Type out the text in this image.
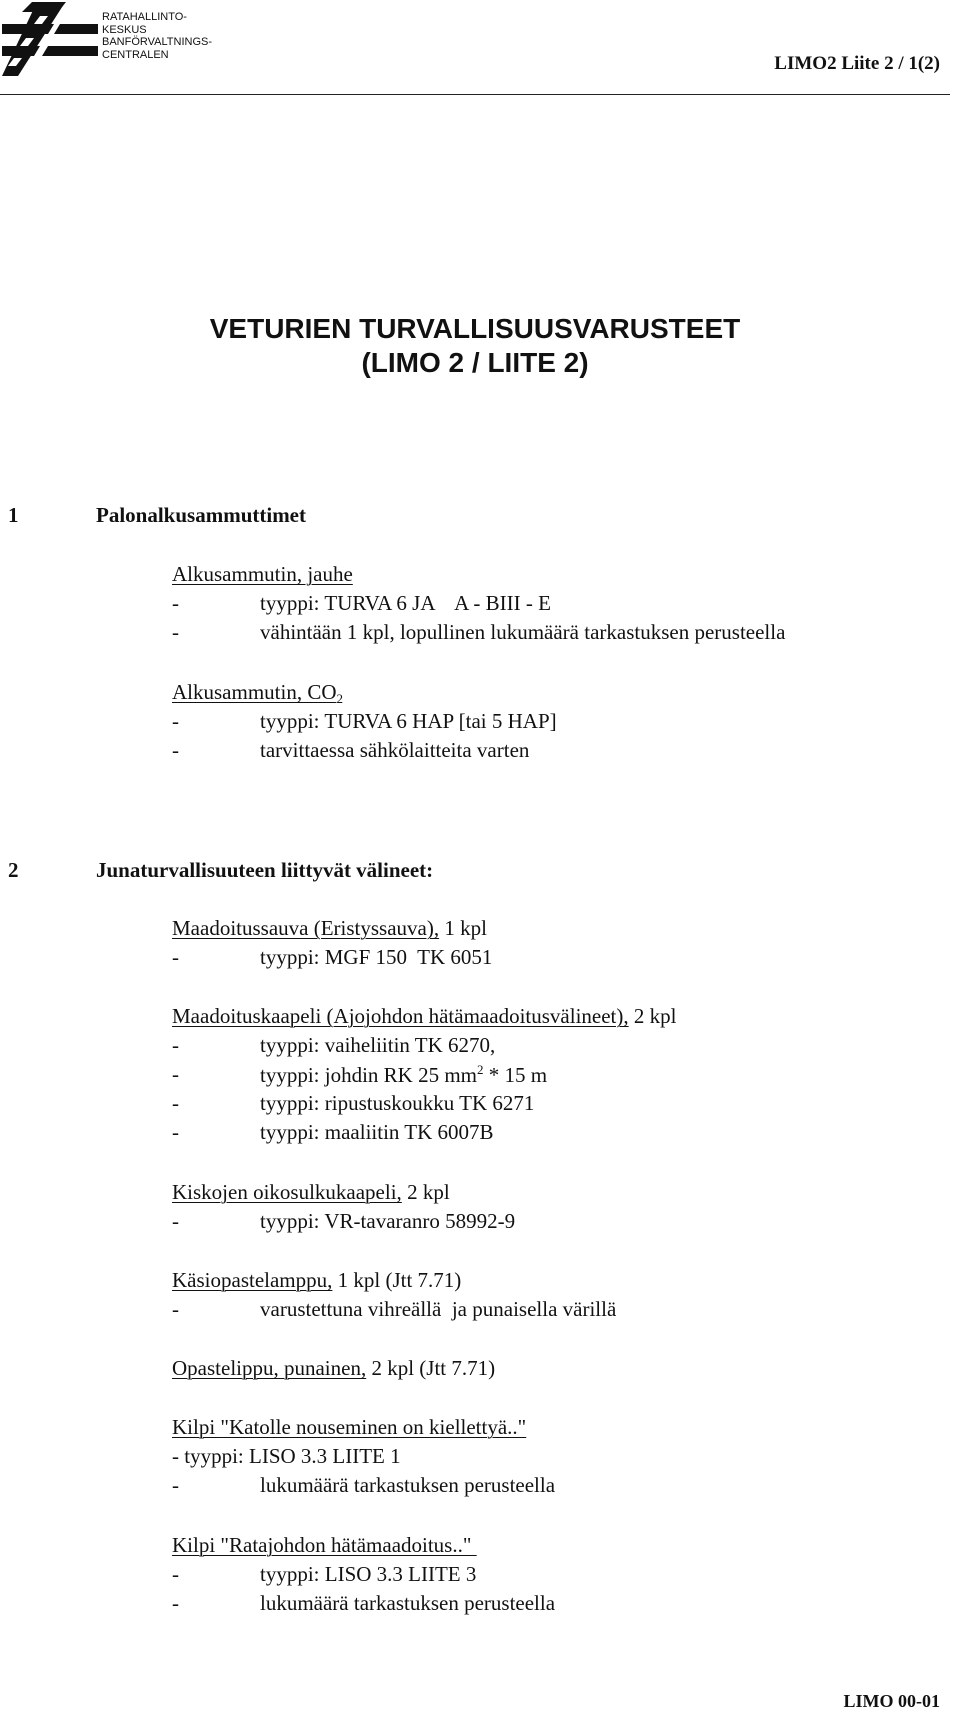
RATAHALLINTO-
KESKUS
BANFÖRVALTNINGS-
CENTRALEN	LIMO2 Liite 2 / 1(2)
VETURIEN TURVALLISUUSVARUSTEET
(LIMO 2 / LIITE 2)
1	Palonalkusammuttimet
Alkusammutin, jauhe
-	tyyppi: TURVA 6 JA    A - BIII - E
-	vähintään 1 kpl, lopullinen lukumäärä tarkastuksen perusteella
Alkusammutin, $CO_2$
-	tyyppi: TURVA 6 HAP [tai 5 HAP]
-	tarvittaessa sähkölaitteita varten
2	Junaturvallisuuteen liittyvät välineet:
Maadoitussauva (Eristyssauva), 1 kpl
-	tyyppi: MGF 150  TK 6051
Maadoituskaapeli (Ajojohdon hätämaadoitusvälineet), 2 kpl
-	tyyppi: vaiheliitin TK 6270,
-	tyyppi: johdin RK 25 $mm^2 * 15$ m
-	tyyppi: ripustuskoukku TK 6271
-	tyyppi: maaliitin TK 6007B
Kiskojen oikosulkukaapeli, 2 kpl
-	tyyppi: VR-tavaranro 58992-9
Käsiopastelamppu, 1 kpl (Jtt 7.71)
-	varustettuna vihreällä  ja punaisella värillä
Opastelippu, punainen, 2 kpl (Jtt 7.71)
Kilpi "Katolle nouseminen on kiellettyä.."
- tyyppi: LISO 3.3 LIITE 1
-	lukumäärä tarkastuksen perusteella
Kilpi "Ratajohdon hätämaadoitus.."
-	tyyppi: LISO 3.3 LIITE 3
-	lukumäärä tarkastuksen perusteella
LIMO 00-01
